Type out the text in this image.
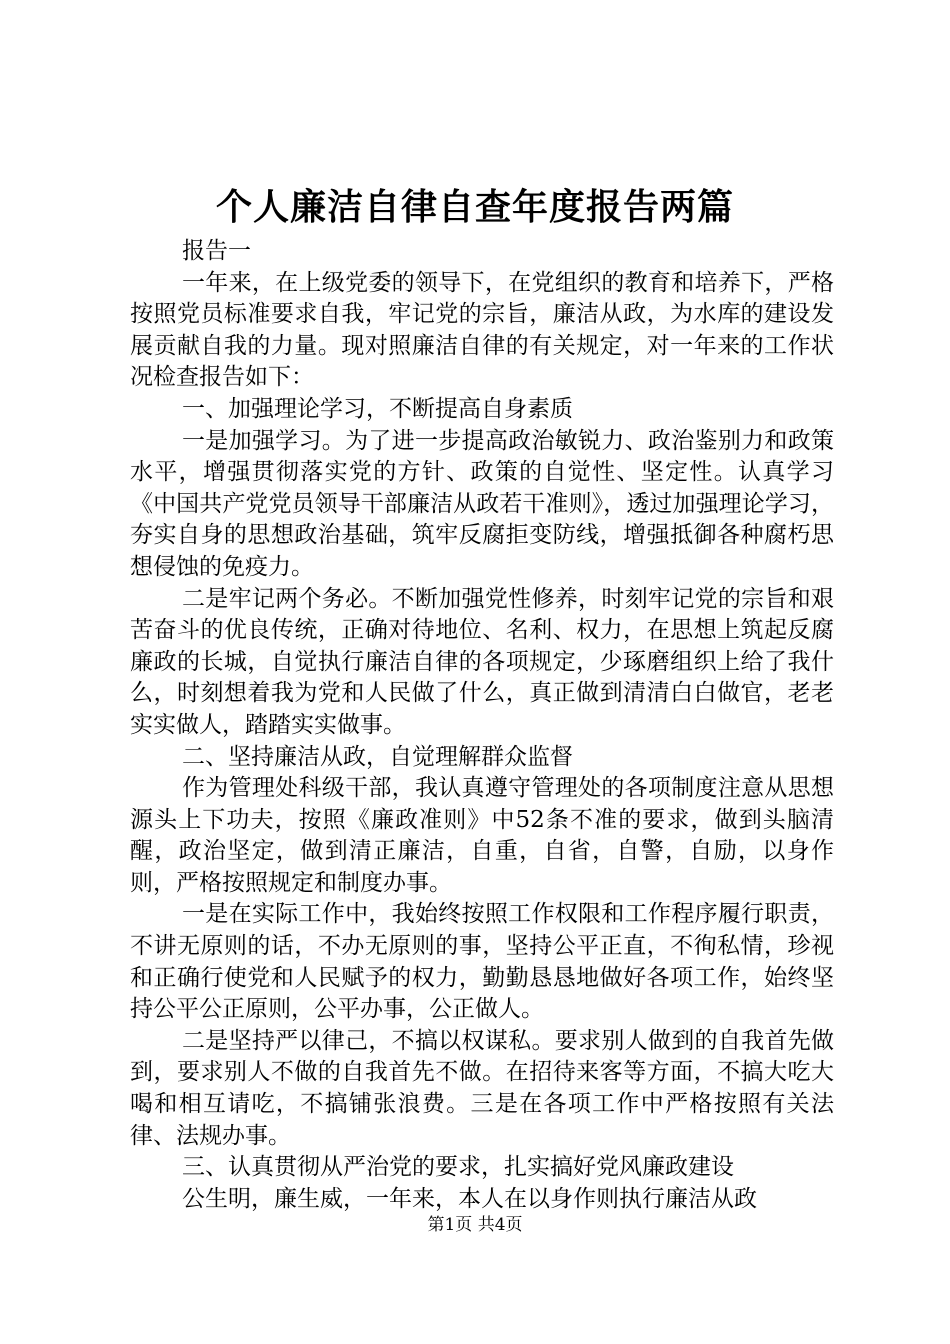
个人廉洁自律自查年度报告两篇

报告一

一年来，在上级党委的领导下，在党组织的教育和培养下，严格按照党员标准要求自我，牢记党的宗旨，廉洁从政，为水库的建设发展贡献自我的力量。现对照廉洁自律的有关规定，对一年来的工作状况检查报告如下：

一、加强理论学习，不断提高自身素质

一是加强学习。为了进一步提高政治敏锐力、政治鉴别力和政策水平，增强贯彻落实党的方针、政策的自觉性、坚定性。认真学习《中国共产党党员领导干部廉洁从政若干准则》，透过加强理论学习，夯实自身的思想政治基础，筑牢反腐拒变防线，增强抵御各种腐朽思想侵蚀的免疫力。

二是牢记两个务必。不断加强党性修养，时刻牢记党的宗旨和艰苦奋斗的优良传统，正确对待地位、名利、权力，在思想上筑起反腐廉政的长城，自觉执行廉洁自律的各项规定，少琢磨组织上给了我什么，时刻想着我为党和人民做了什么，真正做到清清白白做官，老老实实做人，踏踏实实做事。

二、坚持廉洁从政，自觉理解群众监督

作为管理处科级干部，我认真遵守管理处的各项制度注意从思想源头上下功夫，按照《廉政准则》中52条不准的要求，做到头脑清醒，政治坚定，做到清正廉洁，自重，自省，自警，自励，以身作则，严格按照规定和制度办事。

一是在实际工作中，我始终按照工作权限和工作程序履行职责，不讲无原则的话，不办无原则的事，坚持公平正直，不徇私情，珍视和正确行使党和人民赋予的权力，勤勤恳恳地做好各项工作，始终坚持公平公正原则，公平办事，公正做人。

二是坚持严以律己，不搞以权谋私。要求别人做到的自我首先做到，要求别人不做的自我首先不做。在招待来客等方面，不搞大吃大喝和相互请吃，不搞铺张浪费。三是在各项工作中严格按照有关法律、法规办事。

三、认真贯彻从严治党的要求，扎实搞好党风廉政建设

公生明，廉生威，一年来，本人在以身作则执行廉洁从政

第1页 共4页
